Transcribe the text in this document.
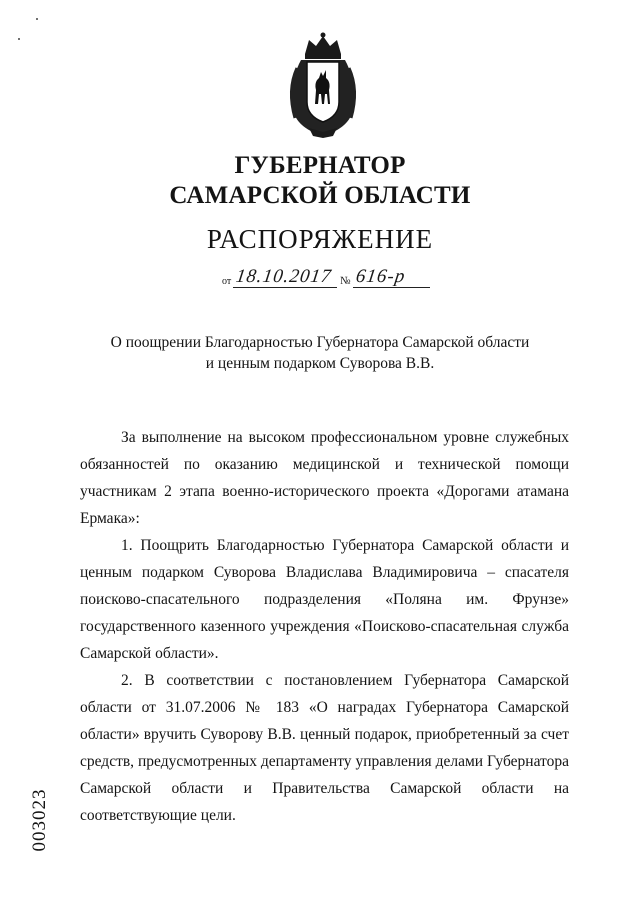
ГУБЕРНАТОР
САМАРСКОЙ ОБЛАСТИ
РАСПОРЯЖЕНИЕ
от 18.10.2017 № 616-р
О поощрении Благодарностью Губернатора Самарской области
и ценным подарком Суворова В.В.

За выполнение на высоком профессиональном уровне служебных обязанностей по оказанию медицинской и технической помощи участникам 2 этапа военно-исторического проекта «Дорогами атамана Ермака»:

1. Поощрить Благодарностью Губернатора Самарской области и ценным подарком Суворова Владислава Владимировича – спасателя поисково-спасательного подразделения «Поляна им. Фрунзе» государственного казенного учреждения «Поисково-спасательная служба Самарской области».

2. В соответствии с постановлением Губернатора Самарской области от 31.07.2006 № 183 «О наградах Губернатора Самарской области» вручить Суворову В.В. ценный подарок, приобретенный за счет средств, предусмотренных департаменту управления делами Губернатора Самарской области и Правительства Самарской области на соответствующие цели.

003023
